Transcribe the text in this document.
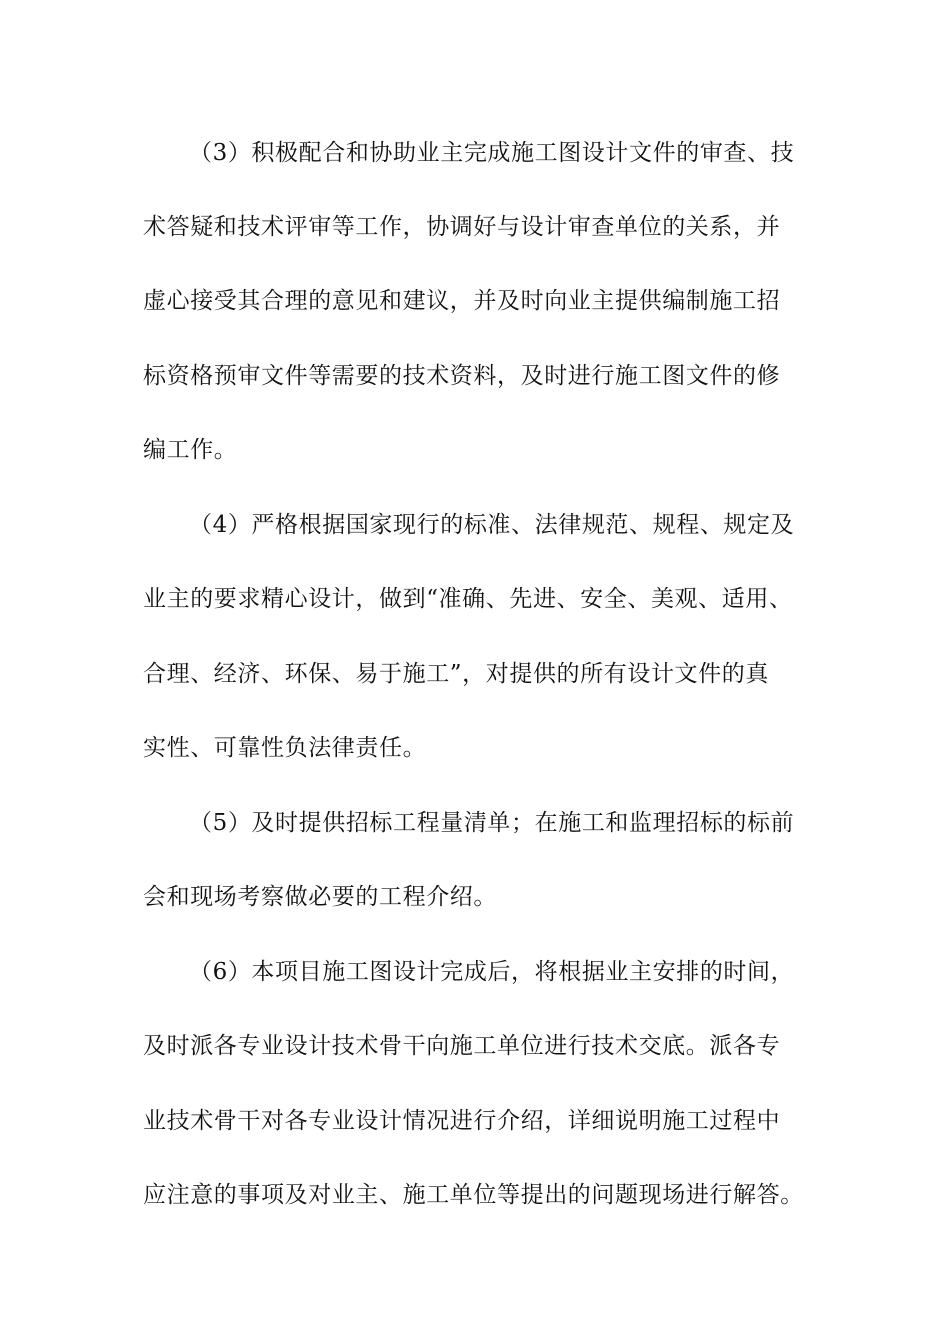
（3）积极配合和协助业主完成施工图设计文件的审查、技
术答疑和技术评审等工作，协调好与设计审查单位的关系，并
虚心接受其合理的意见和建议，并及时向业主提供编制施工招
标资格预审文件等需要的技术资料，及时进行施工图文件的修
编工作。
（4）严格根据国家现行的标准、法律规范、规程、规定及
业主的要求精心设计，做到“准确、先进、安全、美观、适用、
合理、经济、环保、易于施工”，对提供的所有设计文件的真
实性、可靠性负法律责任。
（5）及时提供招标工程量清单；在施工和监理招标的标前
会和现场考察做必要的工程介绍。
（6）本项目施工图设计完成后，将根据业主安排的时间，
及时派各专业设计技术骨干向施工单位进行技术交底。派各专
业技术骨干对各专业设计情况进行介绍，详细说明施工过程中
应注意的事项及对业主、施工单位等提出的问题现场进行解答。
